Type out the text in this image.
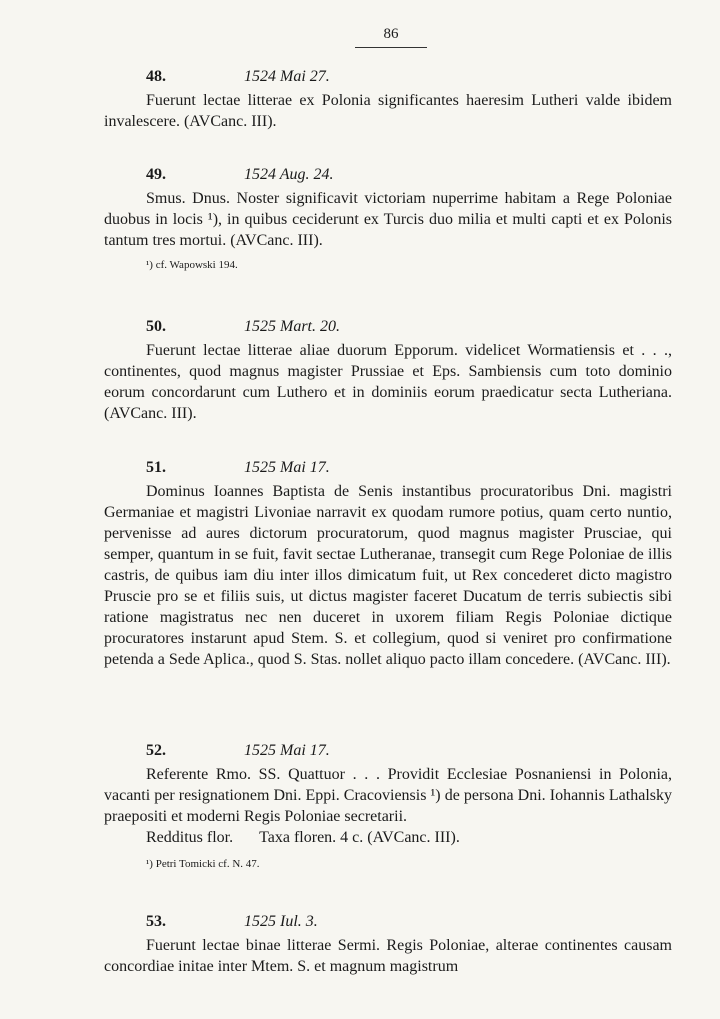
86
48.	1524 Mai 27.

Fuerunt lectae litterae ex Polonia significantes haeresim Lutheri valde ibidem invalescere. (AVCanc. III).

49.	1524 Aug. 24.

Smus. Dnus. Noster significavit victoriam nuperrime habitam a Rege Poloniae duobus in locis ¹), in quibus ceciderunt ex Turcis duo milia et multi capti et ex Polonis tantum tres mortui. (AVCanc. III).

¹) cf. Wapowski 194.
50.	1525 Mart. 20.

Fuerunt lectae litterae aliae duorum Epporum. videlicet Wormatiensis et . . ., continentes, quod magnus magister Prussiae et Eps. Sambiensis cum toto dominio eorum concordarunt cum Luthero et in dominiis eorum praedicatur secta Lutheriana. (AVCanc. III).

51.	1525 Mai 17.

Dominus Ioannes Baptista de Senis instantibus procuratoribus Dni. magistri Germaniae et magistri Livoniae narravit ex quodam rumore potius, quam certo nuntio, pervenisse ad aures dictorum procuratorum, quod magnus magister Prusciae, qui semper, quantum in se fuit, favit sectae Lutheranae, transegit cum Rege Poloniae de illis castris, de quibus iam diu inter illos dimicatum fuit, ut Rex concederet dicto magistro Pruscie pro se et filiis suis, ut dictus magister faceret Ducatum de terris subiectis sibi ratione magistratus nec nen duceret in uxorem filiam Regis Poloniae dictique procuratores instarunt apud Stem. S. et collegium, quod si veniret pro confirmatione petenda a Sede Aplica., quod S. Stas. nollet aliquo pacto illam concedere. (AVCanc. III).

52.	1525 Mai 17.

Referente Rmo. SS. Quattuor . . . Providit Ecclesiae Posnaniensi in Polonia, vacanti per resignationem Dni. Eppi. Cracoviensis ¹) de persona Dni. Iohannis Lathalsky praepositi et moderni Regis Poloniae secretarii.

Redditus flor. Taxa floren. 4 c. (AVCanc. III).
¹) Petri Tomicki cf. N. 47.
53.	1525 Iul. 3.

Fuerunt lectae binae litterae Sermi. Regis Poloniae, alterae continentes causam concordiae initae inter Mtem. S. et magnum magistrum
